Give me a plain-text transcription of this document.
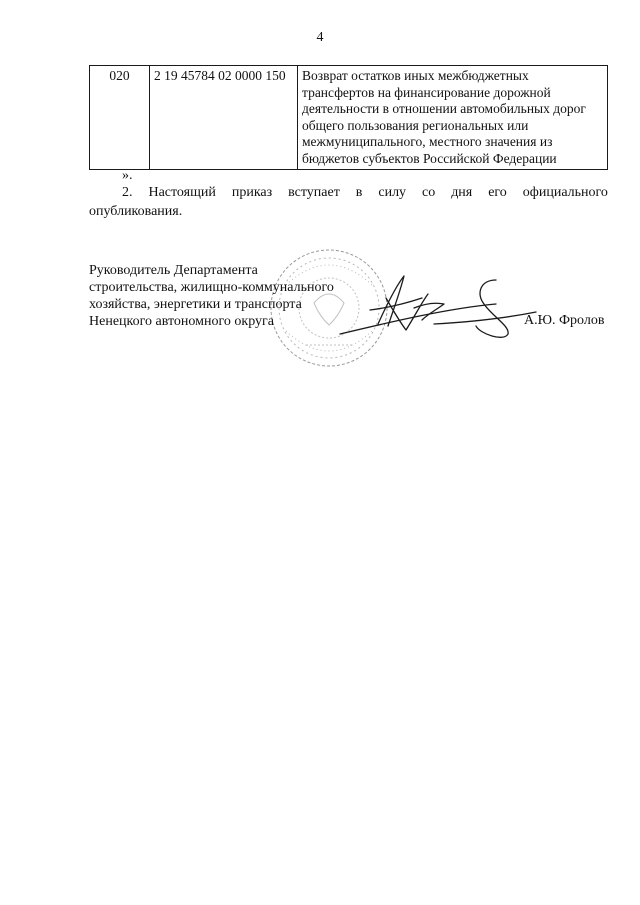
4
020	2 19 45784 02 0000 150	Возврат остатков иных межбюджетных
трансфертов на финансирование дорожной
деятельности в отношении автомобильных дорог
общего пользования региональных или
межмуниципального, местного значения из
бюджетов субъектов Российской Федерации
».
2. Настоящий приказ вступает в силу со дня его официального
опубликования.
Руководитель Департамента
строительства, жилищно-коммунального
хозяйства, энергетики и транспорта
Ненецкого автономного округа	А.Ю. Фролов
